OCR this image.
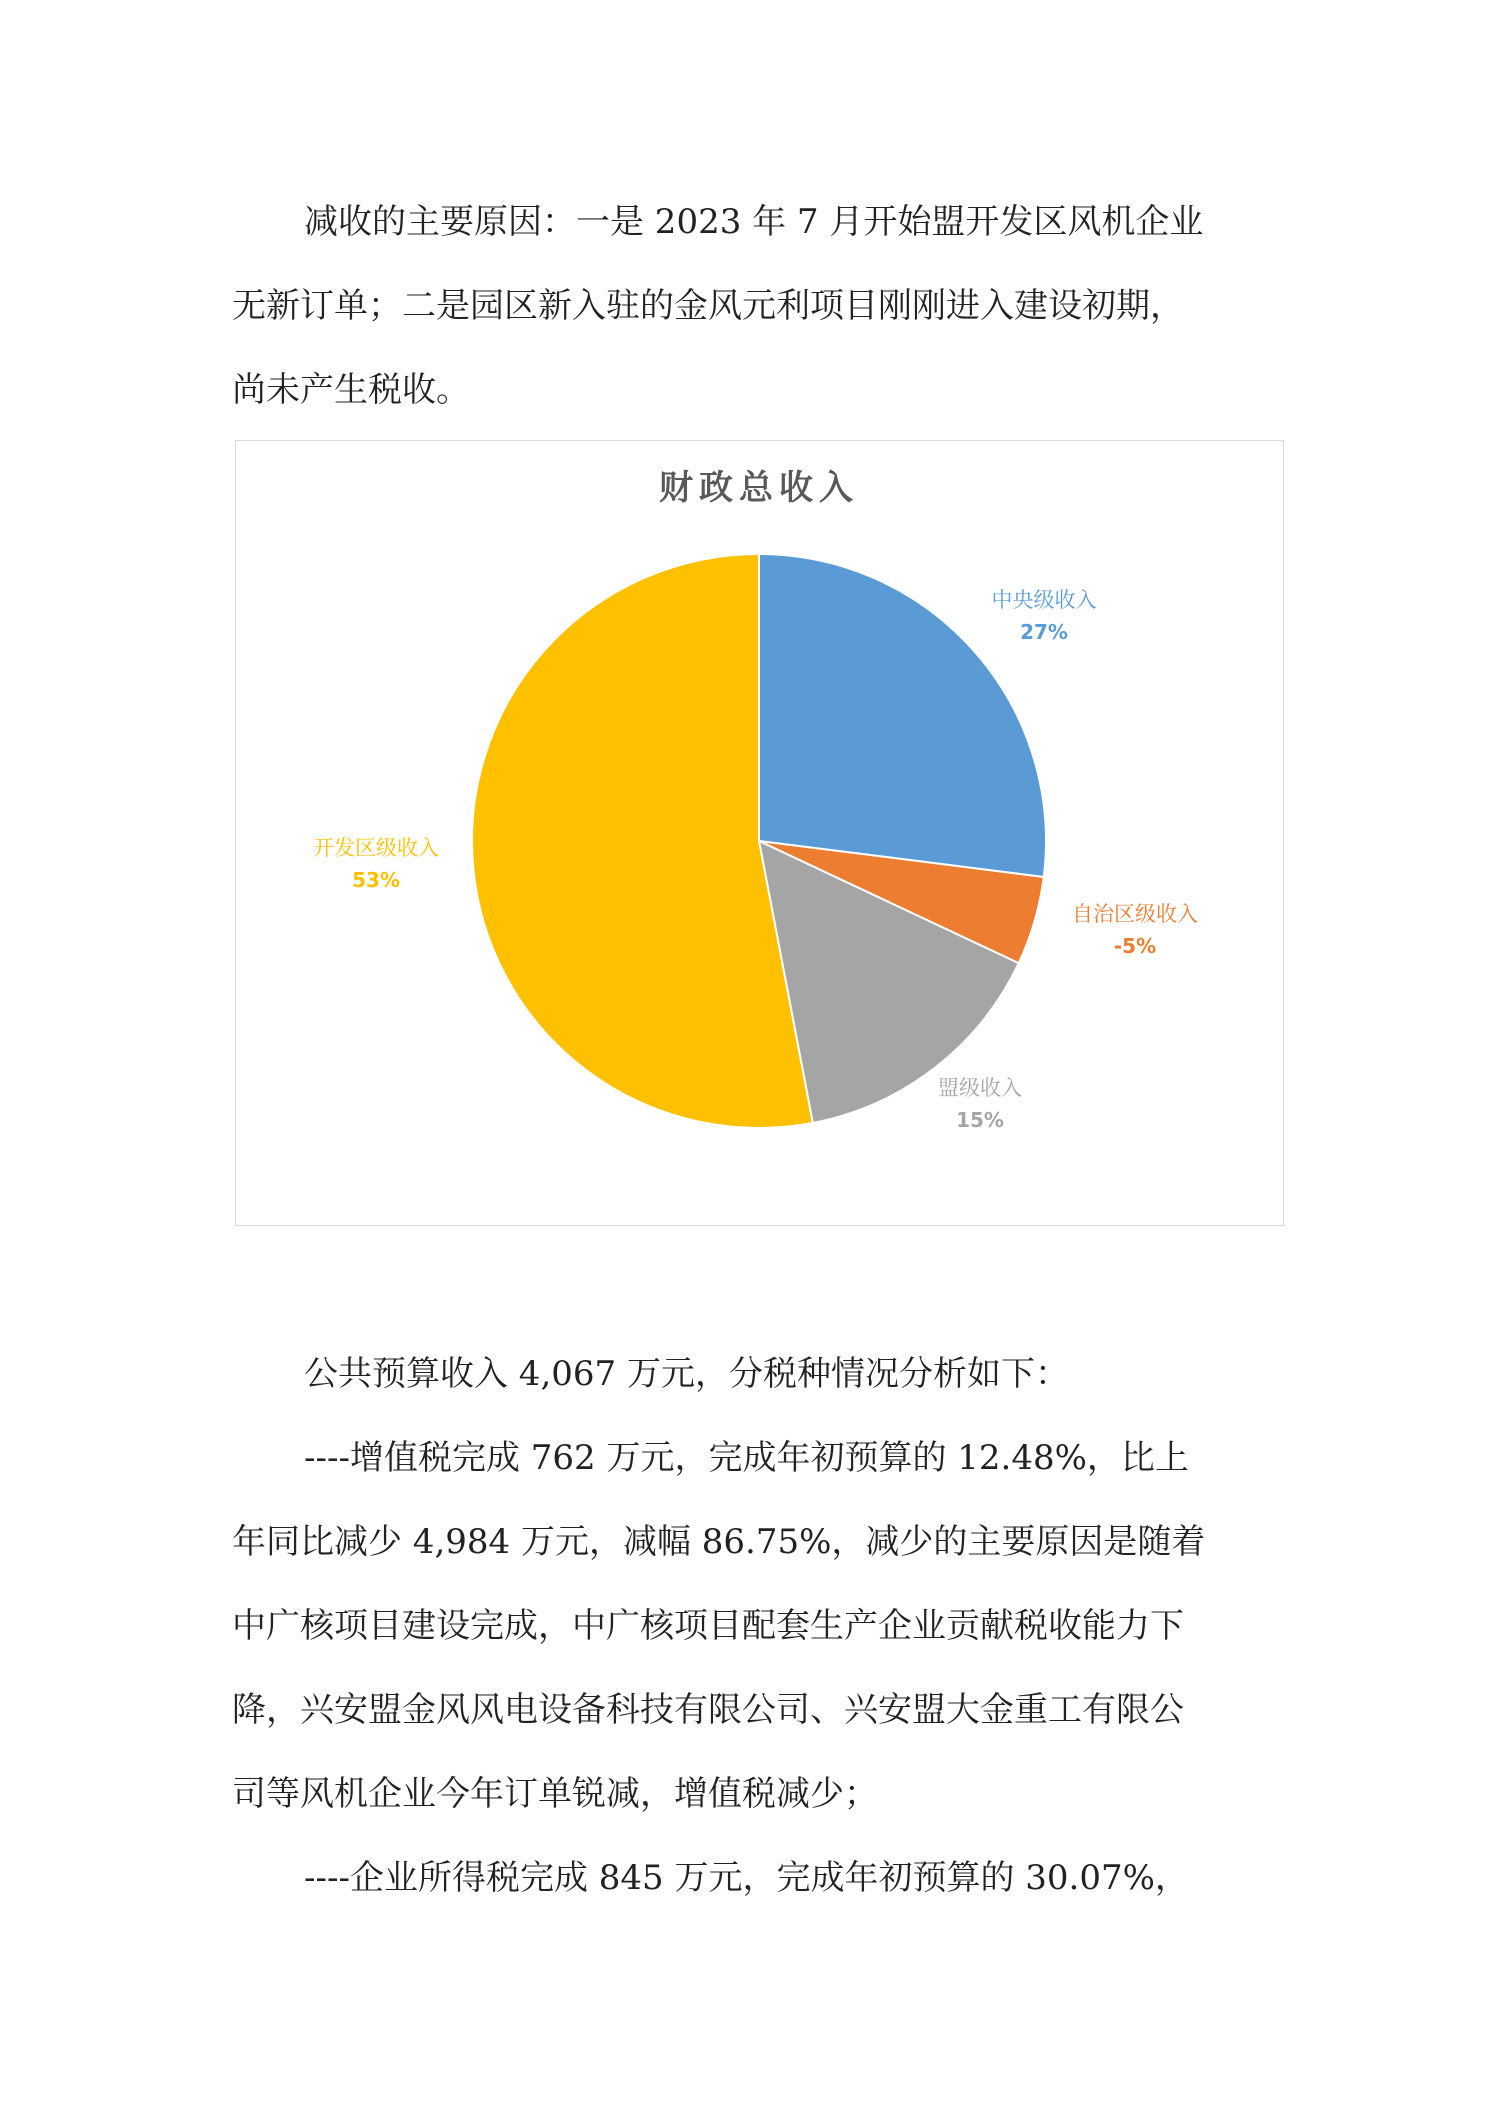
减收的主要原因：一是 2023 年 7 月开始盟开发区风机企业
无新订单；二是园区新入驻的金风元利项目刚刚进入建设初期，
尚未产生税收。

财政总收入
中央级收入
27%
自治区级收入
-5%
盟级收入
15%
开发区级收入
53%

公共预算收入 4,067 万元，分税种情况分析如下：

----增值税完成 762 万元，完成年初预算的 12.48%，比上
年同比减少 4,984 万元，减幅 86.75%，减少的主要原因是随着
中广核项目建设完成，中广核项目配套生产企业贡献税收能力下
降，兴安盟金风风电设备科技有限公司、兴安盟大金重工有限公
司等风机企业今年订单锐减，增值税减少；

----企业所得税完成 845 万元，完成年初预算的 30.07%，
